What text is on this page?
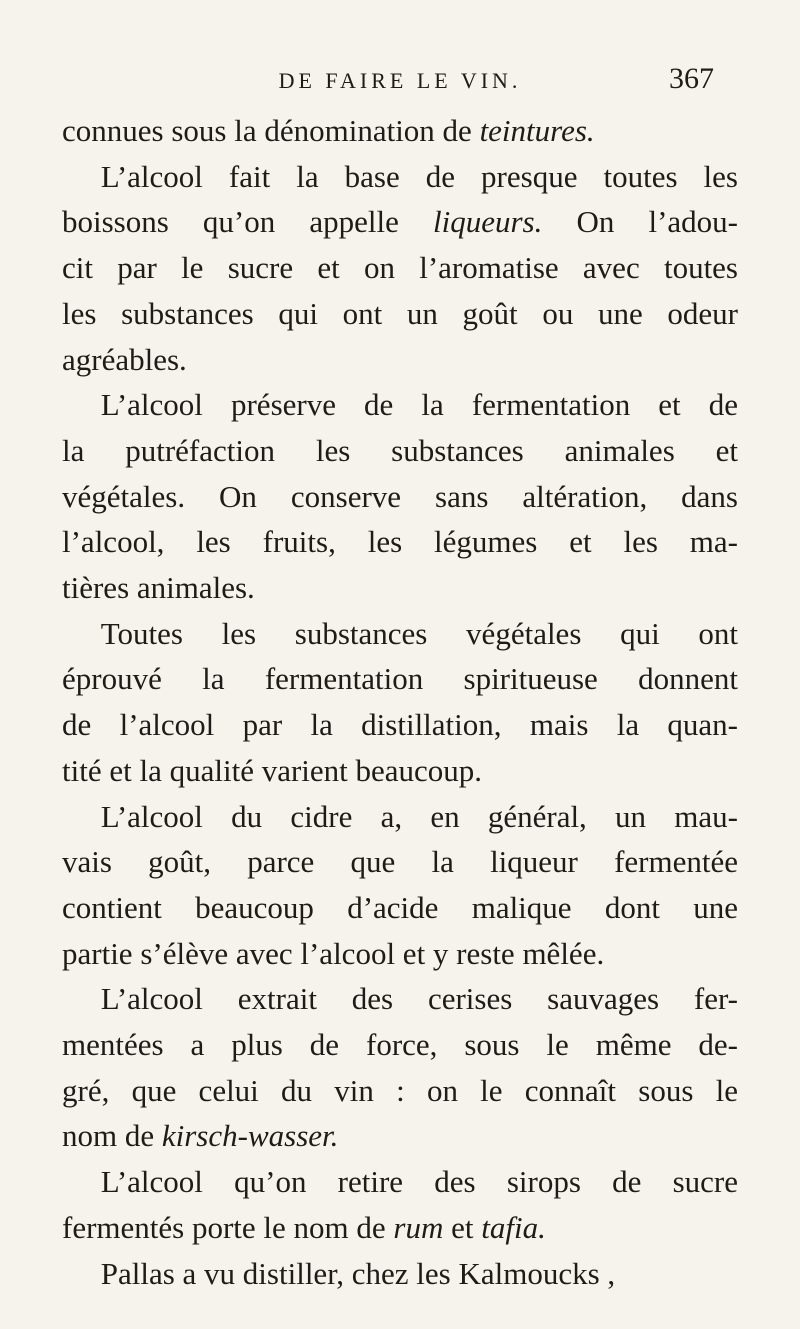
DE FAIRE LE VIN.	367

connues sous la dénomination de teintures.

L’alcool fait la base de presque toutes les

boissons qu’on appelle liqueurs. On l’adou-

cit par le sucre et on l’aromatise avec toutes

les substances qui ont un goût ou une odeur

agréables.

L’alcool préserve de la fermentation et de

la putréfaction les substances animales et

végétales. On conserve sans altération, dans

l’alcool, les fruits, les légumes et les ma-

tières animales.

Toutes les substances végétales qui ont

éprouvé la fermentation spiritueuse donnent

de l’alcool par la distillation, mais la quan-

tité et la qualité varient beaucoup.

L’alcool du cidre a, en général, un mau-

vais goût, parce que la liqueur fermentée

contient beaucoup d’acide malique dont une

partie s’élève avec l’alcool et y reste mêlée.

L’alcool extrait des cerises sauvages fer-

mentées a plus de force, sous le même de-

gré, que celui du vin : on le connaît sous le

nom de kirsch-wasser.

L’alcool qu’on retire des sirops de sucre

fermentés porte le nom de rum et tafia.

Pallas a vu distiller, chez les Kalmoucks ,
